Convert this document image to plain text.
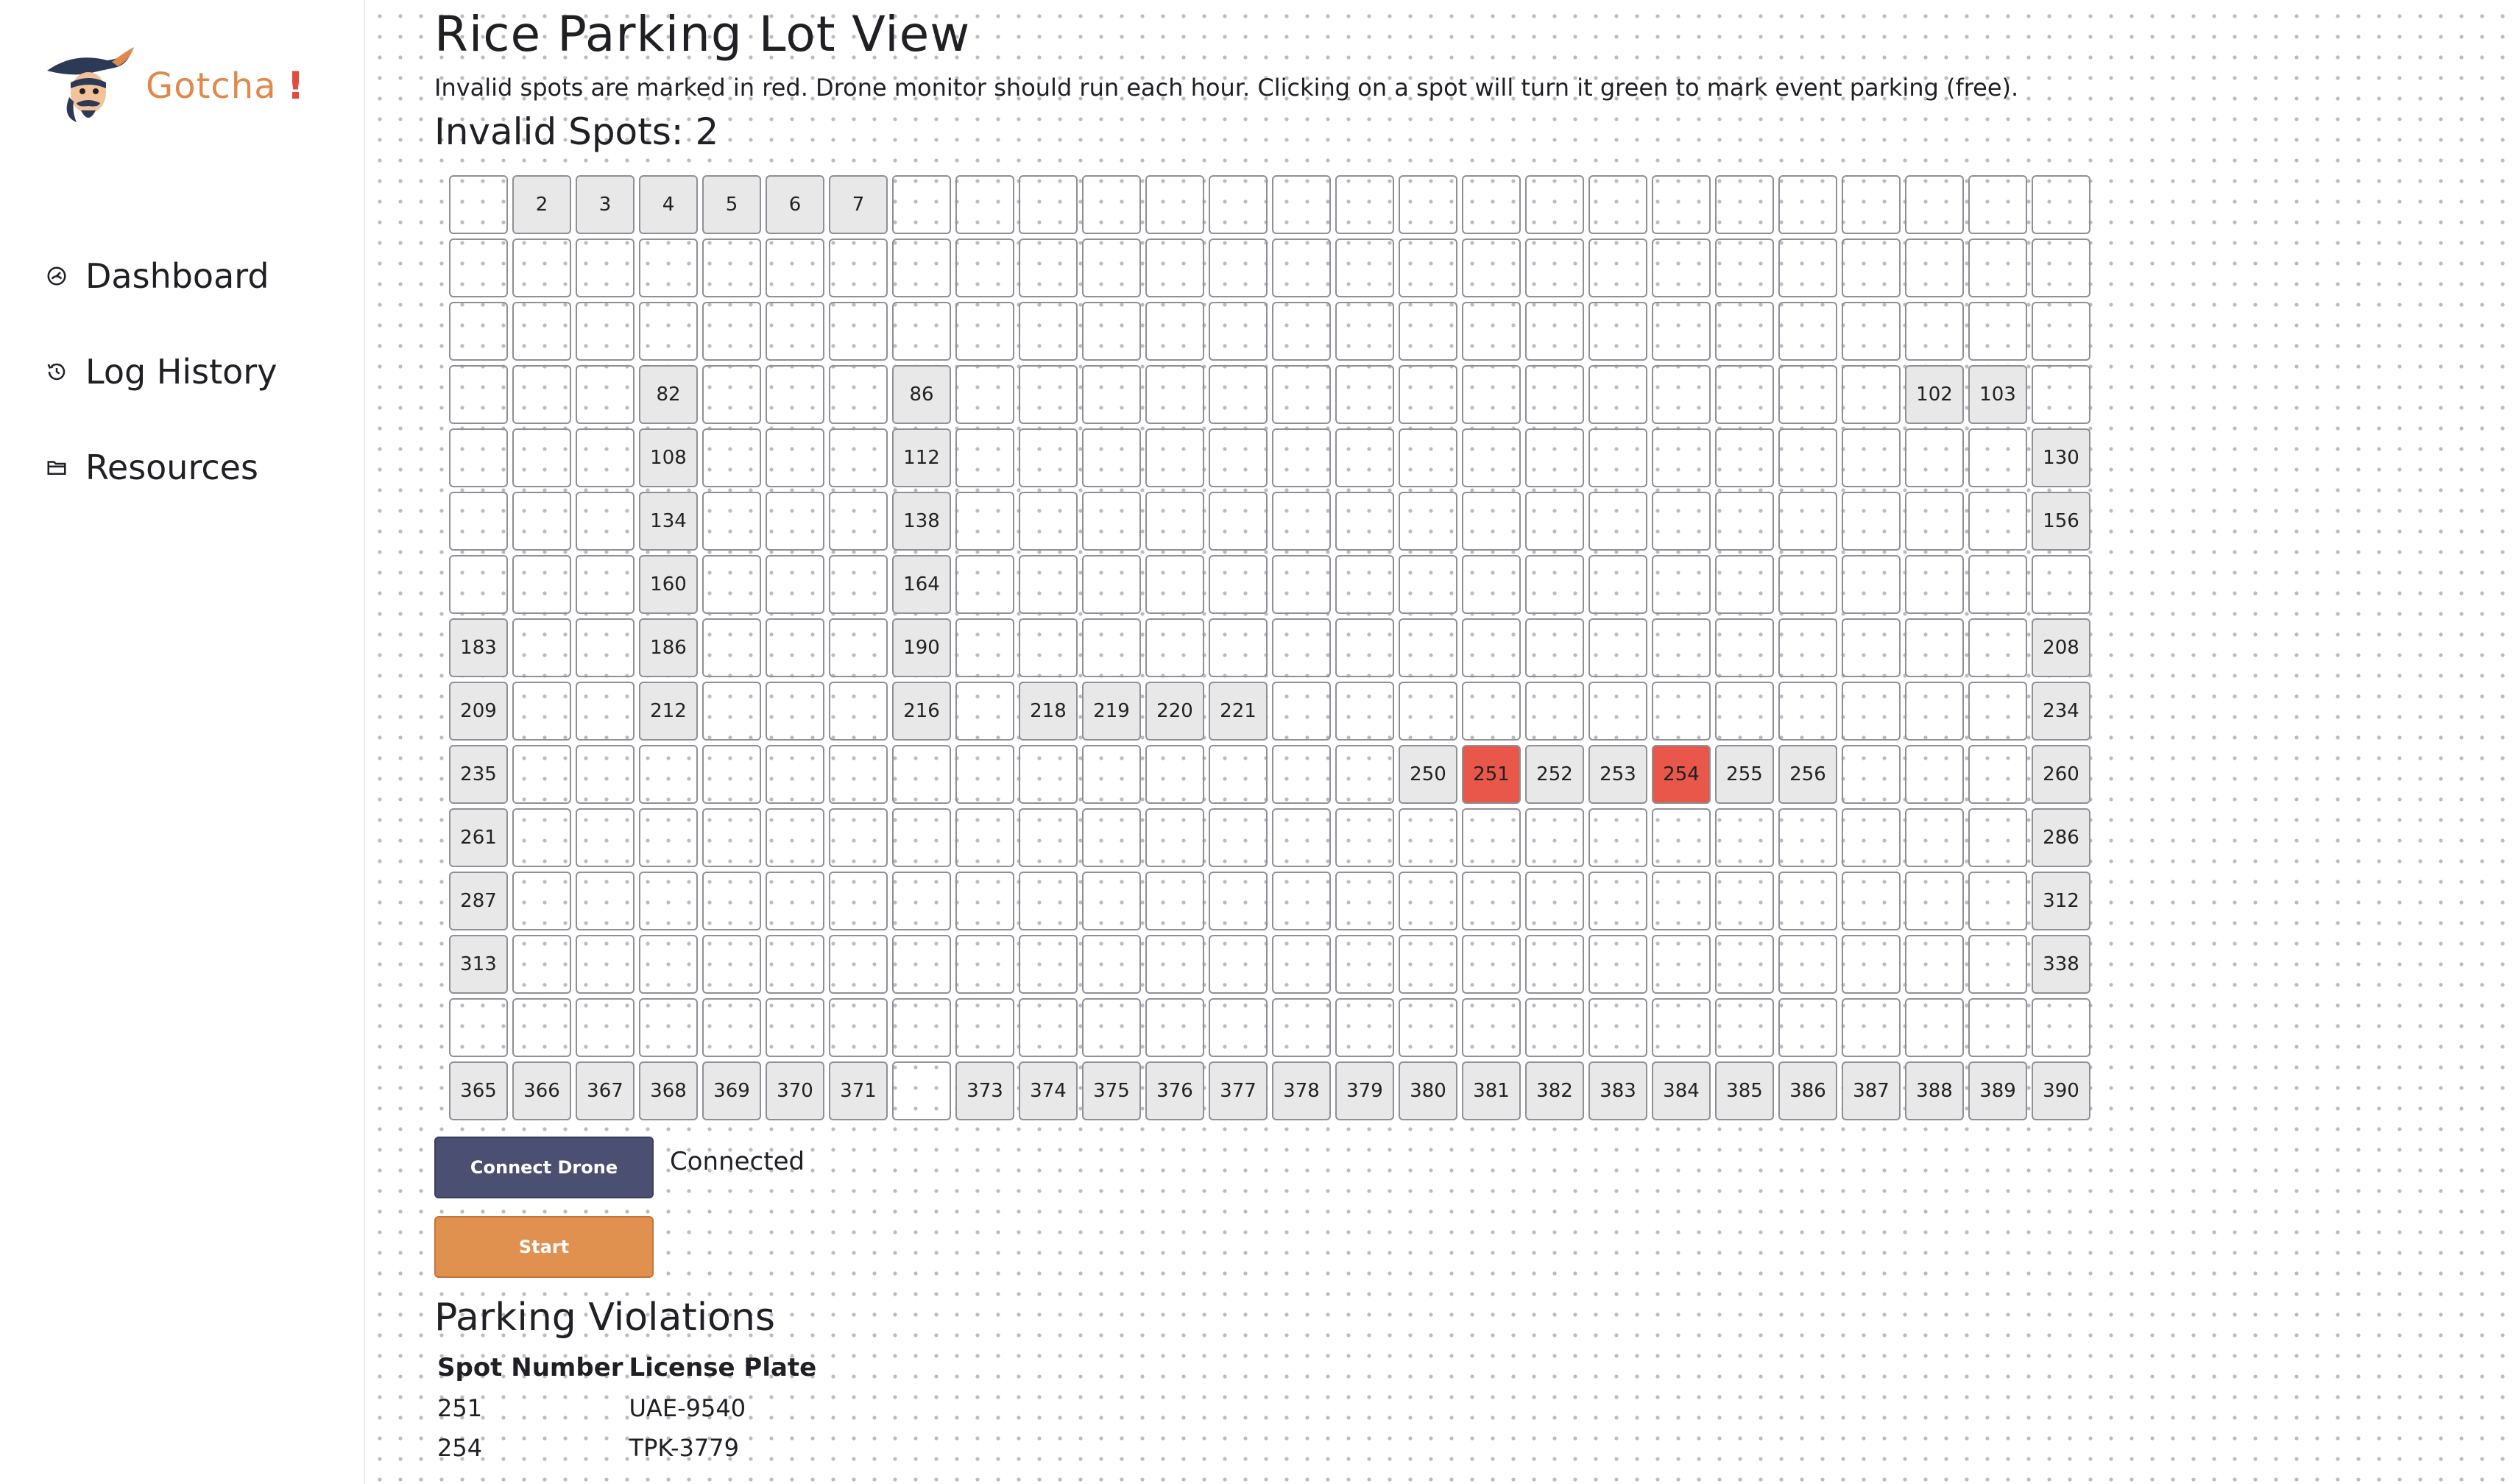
Gotcha !
Dashboard
Log History
Resources
Rice Parking Lot View
Invalid spots are marked in red. Drone monitor should run each hour. Clicking on a spot will turn it green to mark event parking (free).
Invalid Spots: 2
2	3	4	5	6	7
82	86	102	103
108	112	130
134	138	156
160	164
183	186	190	208
209	212	216	218	219	220	221	234
235	250	251	252	253	254	255	256	260
261	286
287	312
313	338
365	366	367	368	369	370	371	373	374	375	376	377	378	379	380	381	382	383	384	385	386	387	388	389	390
Connect Drone	Connected
Start
Parking Violations
Spot Number	License Plate
251	UAE-9540
254	TPK-3779
